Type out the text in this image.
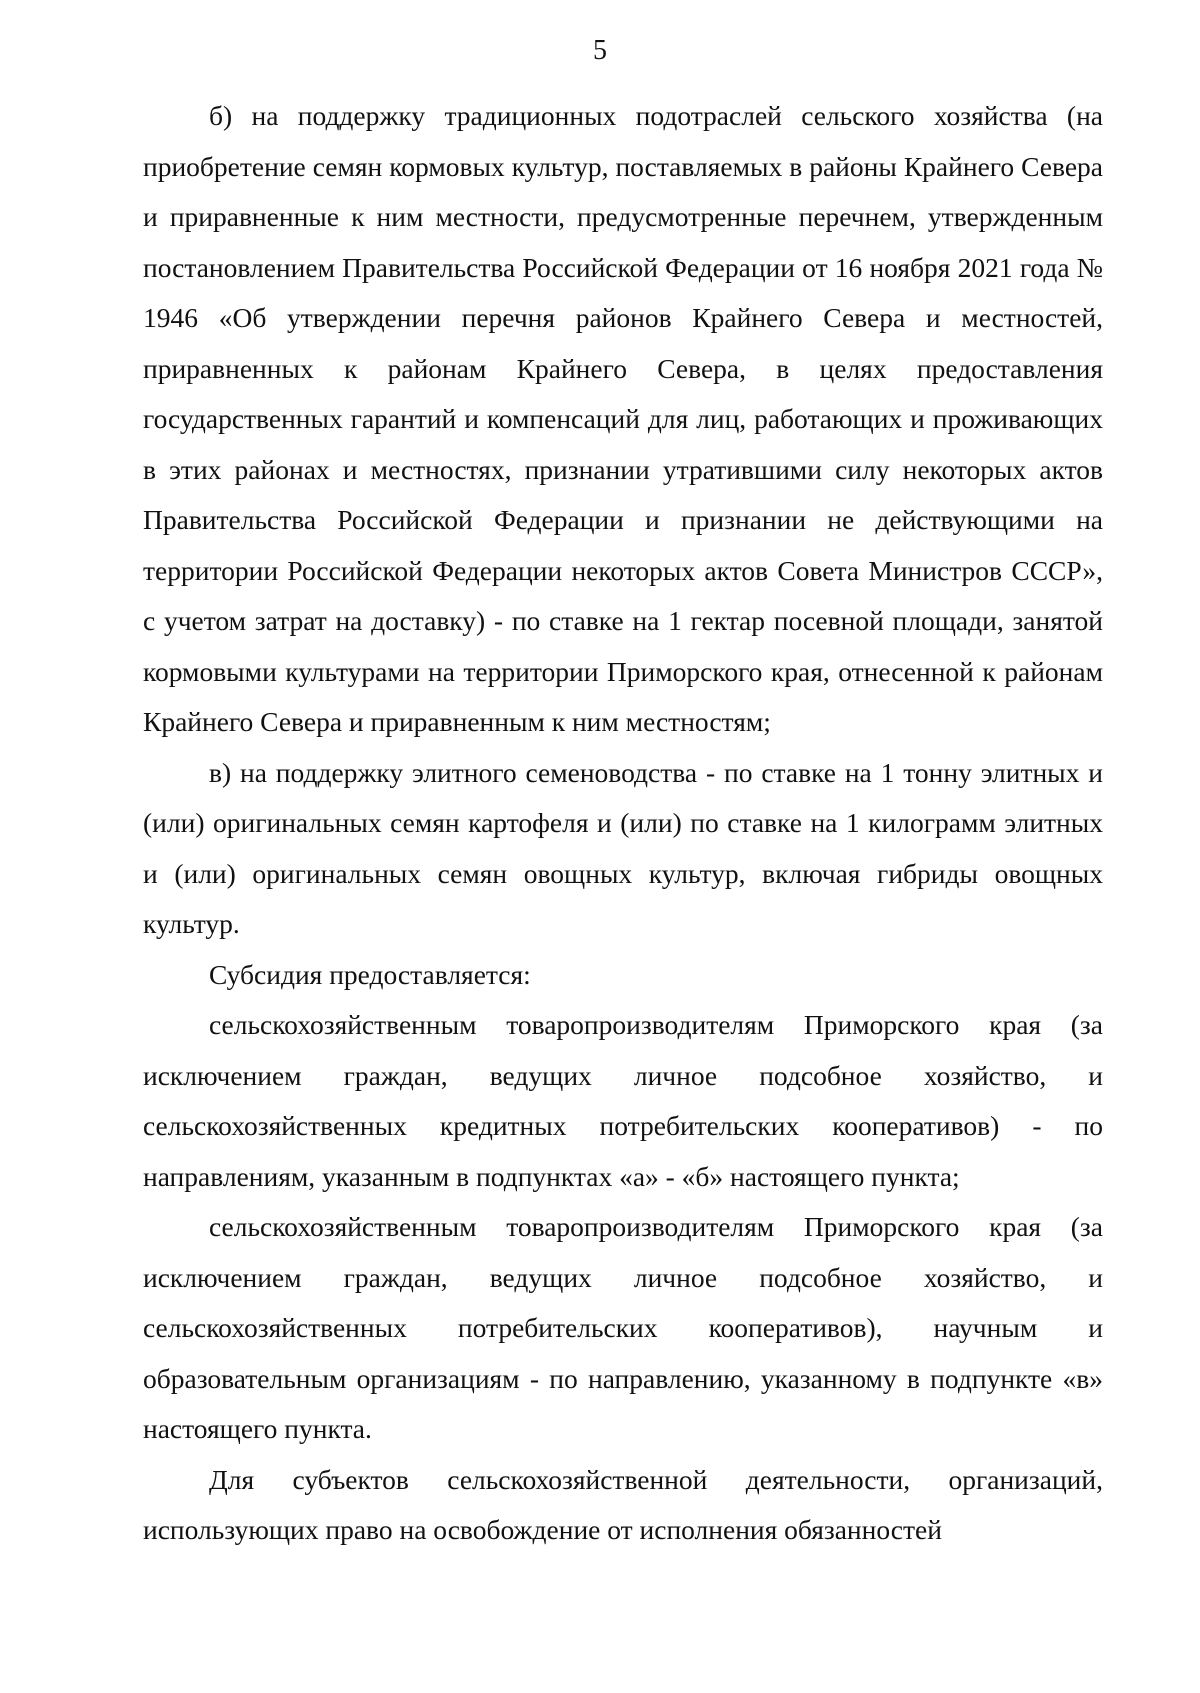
5

б) на поддержку традиционных подотраслей сельского хозяйства (на приобретение семян кормовых культур, поставляемых в районы Крайнего Севера и приравненные к ним местности, предусмотренные перечнем, утвержденным постановлением Правительства Российской Федерации от 16 ноября 2021 года № 1946 «Об утверждении перечня районов Крайнего Севера и местностей, приравненных к районам Крайнего Севера, в целях предоставления государственных гарантий и компенсаций для лиц, работающих и проживающих в этих районах и местностях, признании утратившими силу некоторых актов Правительства Российской Федерации и признании не действующими на территории Российской Федерации некоторых актов Совета Министров СССР», с учетом затрат на доставку) - по ставке на 1 гектар посевной площади, занятой кормовыми культурами на территории Приморского края, отнесенной к районам Крайнего Севера и приравненным к ним местностям;

в) на поддержку элитного семеноводства - по ставке на 1 тонну элитных и (или) оригинальных семян картофеля и (или) по ставке на 1 килограмм элитных и (или) оригинальных семян овощных культур, включая гибриды овощных культур.

Субсидия предоставляется:

сельскохозяйственным товаропроизводителям Приморского края (за исключением граждан, ведущих личное подсобное хозяйство, и сельскохозяйственных кредитных потребительских кооперативов) - по направлениям, указанным в подпунктах «а» - «б» настоящего пункта;

сельскохозяйственным товаропроизводителям Приморского края (за исключением граждан, ведущих личное подсобное хозяйство, и сельскохозяйственных потребительских кооперативов), научным и образовательным организациям - по направлению, указанному в подпункте «в» настоящего пункта.

Для субъектов сельскохозяйственной деятельности, организаций, использующих право на освобождение от исполнения обязанностей
